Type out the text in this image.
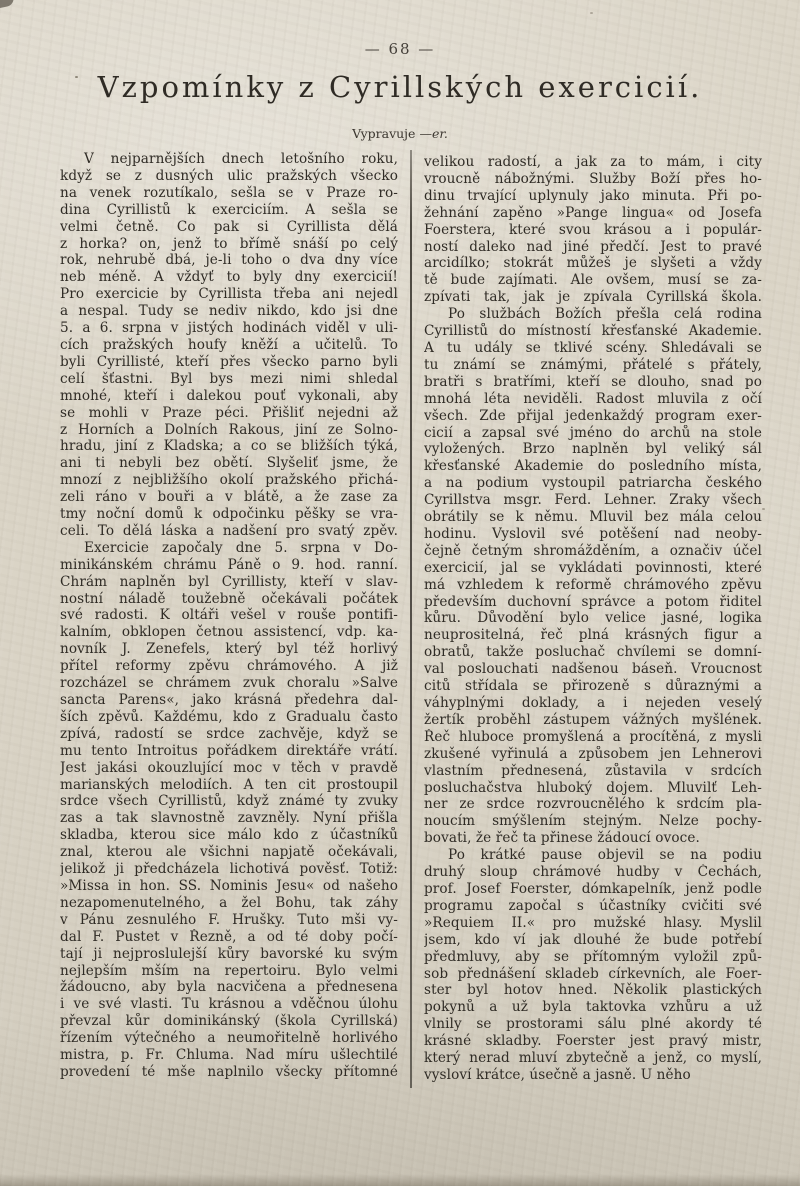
— 68 —
Vzpomínky z Cyrillských exercicií.
Vypravuje —er.
V nejparnějších dnech letošního roku,
když se z dusných ulic pražských všecko
na venek rozutíkalo, sešla se v Praze ro-
dina Cyrillistů k exerciciím. A sešla se
velmi četně. Co pak si Cyrillista dělá
z horka? on, jenž to břímě snáší po celý
rok, nehrubě dbá, je-li toho o dva dny více
neb méně. A vždyť to byly dny exercicií!
Pro exercicie by Cyrillista třeba ani nejedl
a nespal. Tudy se nediv nikdo, kdo jsi dne
5. a 6. srpna v jistých hodinách viděl v uli-
cích pražských houfy kněží a učitelů. To
byli Cyrillisté, kteří přes všecko parno byli
celí šťastni. Byl bys mezi nimi shledal
mnohé, kteří i dalekou pouť vykonali, aby
se mohli v Praze péci. Přišliť nejedni až
z Horních a Dolních Rakous, jiní ze Solno-
hradu, jiní z Kladska; a co se bližších týká,
ani ti nebyli bez obětí. Slyšeliť jsme, že
mnozí z nejbližšího okolí pražského přichá-
zeli ráno v bouři a v blátě, a že zase za
tmy noční domů k odpočinku pěšky se vra-
celi. To dělá láska a nadšení pro svatý zpěv.
Exercicie započaly dne 5. srpna v Do-
minikánském chrámu Páně o 9. hod. ranní.
Chrám naplněn byl Cyrillisty, kteří v slav-
nostní náladě toužebně očekávali počátek
své radosti. K oltáři vešel v rouše pontifi-
kalním, obklopen četnou assistencí, vdp. ka-
novník J. Zenefels, který byl též horlivý
přítel reformy zpěvu chrámového. A již
rozcházel se chrámem zvuk choralu »Salve
sancta Parens«, jako krásná předehra dal-
ších zpěvů. Každému, kdo z Gradualu často
zpívá, radostí se srdce zachvěje, když se
mu tento Introitus pořádkem direktáře vrátí.
Jest jakási okouzlující moc v těch v pravdě
marianských melodiích. A ten cit prostoupil
srdce všech Cyrillistů, když známé ty zvuky
zas a tak slavnostně zavzněly. Nyní přišla
skladba, kterou sice málo kdo z účastníků
znal, kterou ale všichni napjatě očekávali,
jelikož ji předcházela lichotivá pověsť. Totiž:
»Missa in hon. SS. Nominis Jesu« od našeho
nezapomenutelného, a žel Bohu, tak záhy
v Pánu zesnulého F. Hrušky. Tuto mši vy-
dal F. Pustet v Řezně, a od té doby počí-
tají ji nejproslulejší kůry bavorské ku svým
nejlepším mším na repertoiru. Bylo velmi
žádoucno, aby byla nacvičena a přednesena
i ve své vlasti. Tu krásnou a vděčnou úlohu
převzal kůr dominikánský (škola Cyrillská)
řízením výtečného a neumořitelně horlivého
mistra, p. Fr. Chluma. Nad míru ušlechtilé
provedení té mše naplnilo všecky přítomné
velikou radostí, a jak za to mám, i city
vroucně nábožnými. Služby Boží přes ho-
dinu trvající uplynuly jako minuta. Při po-
žehnání zapěno »Pange lingua« od Josefa
Foerstera, které svou krásou a i populár-
ností daleko nad jiné předčí. Jest to pravé
arcidílko; stokrát můžeš je slyšeti a vždy
tě bude zajímati. Ale ovšem, musí se za-
zpívati tak, jak je zpívala Cyrillská škola.
Po službách Božích přešla celá rodina
Cyrillistů do místností křesťanské Akademie.
A tu udály se tklivé scény. Shledávali se
tu známí se známými, přátelé s přátely,
bratři s bratřími, kteří se dlouho, snad po
mnohá léta neviděli. Radost mluvila z očí
všech. Zde přijal jedenkaždý program exer-
cicií a zapsal své jméno do archů na stole
vyložených. Brzo naplněn byl veliký sál
křesťanské Akademie do posledního místa,
a na podium vystoupil patriarcha českého
Cyrillstva msgr. Ferd. Lehner. Zraky všech
obrátily se k němu. Mluvil bez mála celou
hodinu. Vyslovil své potěšení nad neoby-
čejně četným shromážděním, a označiv účel
exercicií, jal se vykládati povinnosti, které
má vzhledem k reformě chrámového zpěvu
především duchovní správce a potom řiditel
kůru. Důvodění bylo velice jasné, logika
neuprositelná, řeč plná krásných figur a
obratů, takže posluchač chvílemi se domní-
val poslouchati nadšenou báseň. Vroucnost
citů střídala se přirozeně s důraznými a
váhyplnými doklady, a i nejeden veselý
žertík proběhl zástupem vážných myšlének.
Řeč hluboce promyšlená a procítěná, z mysli
zkušené vyřinulá a způsobem jen Lehnerovi
vlastním přednesená, zůstavila v srdcích
posluchačstva hluboký dojem. Mluvilť Leh-
ner ze srdce rozvroucnělého k srdcím pla-
noucím smýšlením stejným. Nelze pochy-
bovati, že řeč ta přinese žádoucí ovoce.
Po krátké pause objevil se na podiu
druhý sloup chrámové hudby v Čechách,
prof. Josef Foerster, dómkapelník, jenž podle
programu započal s účastníky cvičiti své
»Requiem II.« pro mužské hlasy. Myslil
jsem, kdo ví jak dlouhé že bude potřebí
předmluvy, aby se přítomným vyložil způ-
sob přednášení skladeb církevních, ale Foer-
ster byl hotov hned. Několik plastických
pokynů a už byla taktovka vzhůru a už
vlnily se prostorami sálu plné akordy té
krásné skladby. Foerster jest pravý mistr,
který nerad mluví zbytečně a jenž, co myslí,
vysloví krátce, úsečně a jasně. U něho
